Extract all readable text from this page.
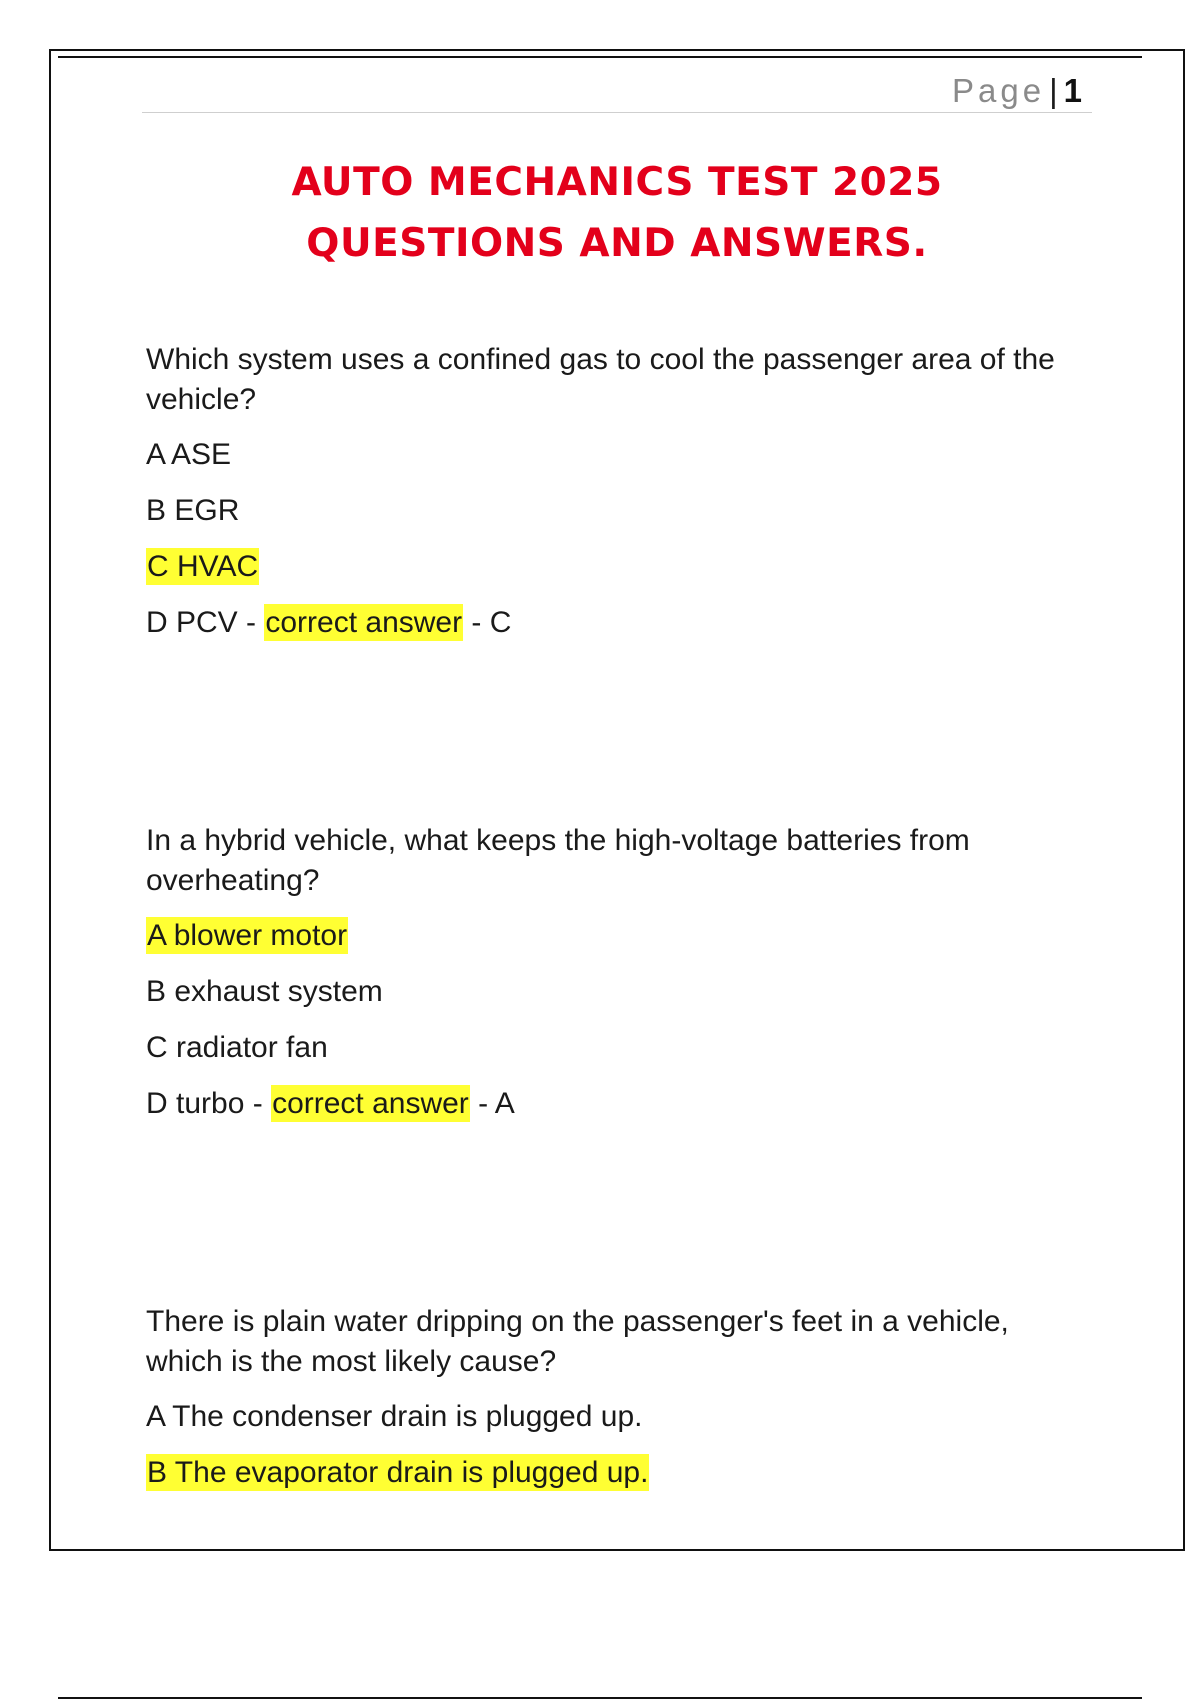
Page | 1
AUTO MECHANICS TEST 2025
QUESTIONS AND ANSWERS.

Which system uses a confined gas to cool the passenger area of the vehicle?

A ASE
B EGR
C HVAC
D PCV - correct answer - C

In a hybrid vehicle, what keeps the high-voltage batteries from overheating?

A blower motor
B exhaust system
C radiator fan
D turbo - correct answer - A

There is plain water dripping on the passenger's feet in a vehicle, which is the most likely cause?

A The condenser drain is plugged up.
B The evaporator drain is plugged up.
